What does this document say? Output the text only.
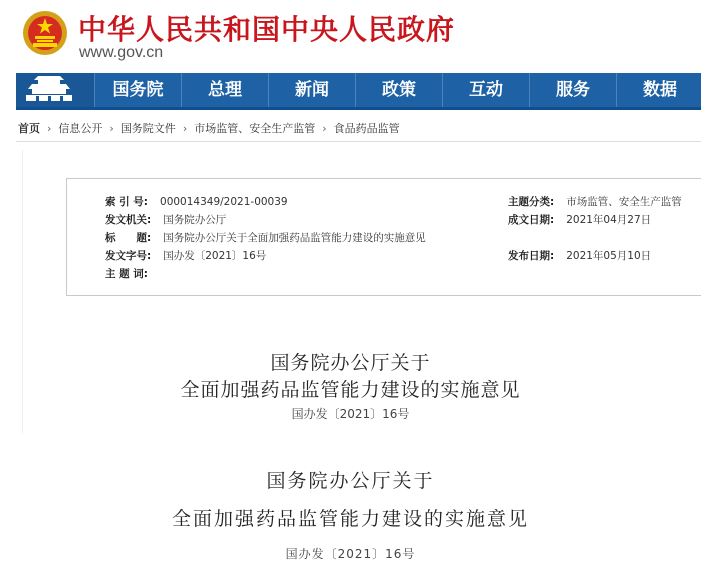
中华人民共和国中央人民政府
www.gov.cn
国务院	总理	新闻	政策	互动	服务	数据
首页 › 信息公开 › 国务院文件 › 市场监管、安全生产监管 › 食品药品监管
索 引 号: 000014349/2021-00039
发文机关: 国务院办公厅
标　　题: 国务院办公厅关于全面加强药品监管能力建设的实施意见
发文字号: 国办发〔2021〕16号
主 题 词:
主题分类: 市场监管、安全生产监管
成文日期: 2021年04月27日
发布日期: 2021年05月10日
国务院办公厅关于
全面加强药品监管能力建设的实施意见
国办发〔2021〕16号
国务院办公厅关于
全面加强药品监管能力建设的实施意见
国办发〔2021〕16号
